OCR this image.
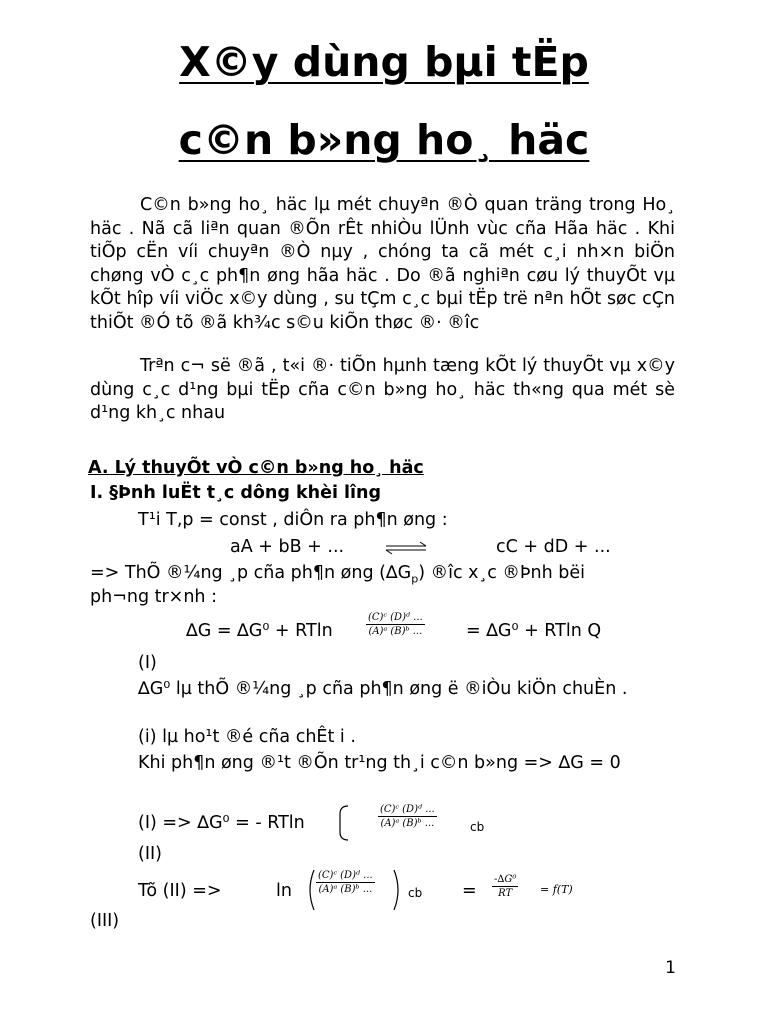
X©y dùng bµi tËp
c©n b»ng ho¸ häc

C©n b»ng ho¸ häc lµ mét chuyªn ®Ò quan träng trong Ho¸ häc . Nã cã liªn quan ®Õn rÊt nhiÒu lÜnh vùc cña Hãa häc . Khi tiÕp cËn víi chuyªn ®Ò nµy , chóng ta cã mét c¸i nh×n biÖn chøng vÒ c¸c ph¶n øng hãa häc . Do ®ã nghiªn cøu lý thuyÕt vµ kÕt hîp víi viÖc x©y dùng , su tÇm c¸c bµi tËp trë nªn hÕt søc cÇn thiÕt ®Ó tõ ®ã kh¾c s©u kiÕn thøc ®· ®îc

Trªn c¬ së ®ã , t«i ®· tiÕn hµnh tæng kÕt lý thuyÕt vµ x©y dùng c¸c d¹ng bµi tËp cña c©n b»ng ho¸ häc th«ng qua mét sè d¹ng kh¸c nhau

A. Lý thuyÕt vÒ c©n b»ng ho¸ häc

I. §Þnh luËt t¸c dông khèi lîng

T¹i T,p = const , diÔn ra ph¶n øng :

aA + bB + ...	cC + dD + ...

=> ThÕ ®¼ng ¸p cña ph¶n øng $(\Delta G_p)$ ®îc x¸c ®Þnh bëi

ph¬ng tr×nh :

∆G = ∆G⁰ + RTln	$\frac{\text{(C)ᶜ (D)ᵈ ...}}{\text{(A)ᵃ (B)ᵇ ...}} = \Delta G^0 + RTln$ Q

(I)

∆G⁰ lµ thÕ ®¼ng ¸p cña ph¶n øng ë ®iÒu kiÖn chuÈn .

(i) lµ ho¹t ®é cña chÊt i .

Khi ph¶n øng ®¹t ®Õn tr¹ng th¸i c©n b»ng => ∆G = 0

(I) => ∆G⁰ = - RTln	$\frac{\text{(C)ᶜ (D)ᵈ ...}}{\text{(A)ᵃ (B)ᵇ ...}}$	cb

(II)

Tõ (II) =>	$\ln \frac{\text{(C)ᶜ (D)ᵈ ...}}{\text{(A)ᵃ (B)ᵇ ...}}$	cb = $\frac{\text{-∆G⁰}}{RT} = f(T)$

(III)

1
